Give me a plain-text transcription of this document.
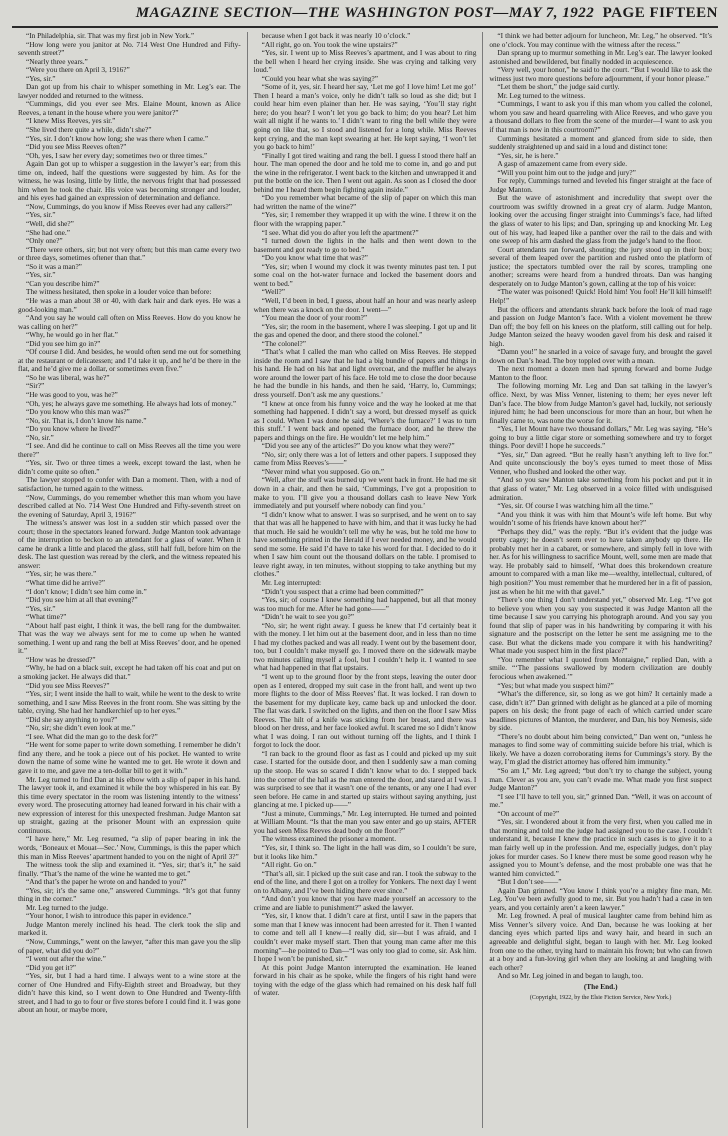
MAGAZINE SECTION—THE WASHINGTON POST—MAY 7, 1922 PAGE FIFTEEN

“In Philadelphia, sir. That was my first job in New York.”

“How long were you janitor at No. 714 West One Hundred and Fifty-seventh street?”

“Nearly three years.”

“Were you there on April 3, 1916?”

“Yes, sir.”

Dan got up from his chair to whisper something in Mr. Leg’s ear. The lawyer nodded and returned to the witness.

“Cummings, did you ever see Mrs. Elaine Mount, known as Alice Reeves, a tenant in the house where you were janitor?”

“I knew Miss Reeves, yes sir.”

“She lived there quite a while, didn’t she?”

“Yes, sir. I don’t know how long; she was there when I came.”

“Did you see Miss Reeves often?”

“Oh, yes, I saw her every day; sometimes two or three times.”

Again Dan got up to whisper a suggestion in the lawyer’s ear; from this time on, indeed, half the questions were suggested by him. As for the witness, he was losing, little by little, the nervous fright that had possessed him when he took the chair. His voice was becoming stronger and louder, and his eyes had gained an expression of determination and defiance.

“Now, Cummings, do you know if Miss Reeves ever had any callers?”

“Yes, sir.”

“Well, did she?”

“She had one.”

“Only one?”

“There were others, sir; but not very often; but this man came every two or three days, sometimes oftener than that.”

“So it was a man?”

“Yes, sir.”

“Can you describe him?”

The witness hesitated, then spoke in a louder voice than before:

“He was a man about 38 or 40, with dark hair and dark eyes. He was a good-looking man.”

“And you say he would call often on Miss Reeves. How do you know he was calling on her?”

“Why, he would go in her flat.”

“Did you see him go in?”

“Of course I did. And besides, he would often send me out for something at the restaurant or delicatessen; and I’d take it up, and he’d be there in the flat, and he’d give me a dollar, or sometimes even five.”

“So he was liberal, was he?”

“Sir?”

“He was good to you, was he?”

“Oh, yes; he always gave me something. He always had lots of money.”

“Do you know who this man was?”

“No, sir. That is, I don’t know his name.”

“Do you know where he lived?”

“No, sir.”

“I see. And did he continue to call on Miss Reeves all the time you were there?”

“Yes, sir. Two or three times a week, except toward the last, when he didn’t come quite so often.”

The lawyer stopped to confer with Dan a moment. Then, with a nod of satisfaction, he turned again to the witness.

“Now, Cummings, do you remember whether this man whom you have described called at No. 714 West One Hundred and Fifty-seventh street on the evening of Saturday, April 3, 1916?”

The witness’s answer was lost in a sudden stir which passed over the court; those in the spectators leaned forward. Judge Manton took advantage of the interruption to beckon to an attendant for a glass of water. When it came he drank a little and placed the glass, still half full, before him on the desk. The last question was reread by the clerk, and the witness repeated his answer:

“Yes, sir; he was there.”

“What time did he arrive?”

“I don’t know; I didn’t see him come in.”

“Did you see him at all that evening?”

“Yes, sir.”

“What time?”

“About half past eight, I think it was, the bell rang for the dumbwaiter. That was the way we always sent for me to come up when he wanted something. I went up and rang the bell at Miss Reeves’ door, and he opened it.”

“How was he dressed?”

“Why, he had on a black suit, except he had taken off his coat and put on a smoking jacket. He always did that.”

“Did you see Miss Reeves?”

“Yes, sir; I went inside the hall to wait, while he went to the desk to write something, and I saw Miss Reeves in the front room. She was sitting by the table, crying. She had her handkerchief up to her eyes.”

“Did she say anything to you?”

“No, sir; she didn’t even look at me.”

“I see. What did the man go to the desk for?”

“He went for some paper to write down something. I remember he didn’t find any there, and he took a piece out of his pocket. He wanted to write down the name of some wine he wanted me to get. He wrote it down and gave it to me, and gave me a ten-dollar bill to get it with.”

Mr. Leg turned to find Dan at his elbow with a slip of paper in his hand. The lawyer took it, and examined it while the boy whispered in his ear. By this time every spectator in the room was listening intently to the witness’ every word. The prosecuting attorney had leaned forward in his chair with a new expression of interest for this unexpected freshman. Judge Manton sat up straight, gazing at the prisoner Mount with an expression quite continuous.

“I have here,” Mr. Leg resumed, “a slip of paper bearing in ink the words, ‘Boneaux et Mouat—Sec.’ Now, Cummings, is this the paper which this man in Miss Reeves’ apartment handed to you on the night of April 3?”

The witness took the slip and examined it. “Yes, sir; that’s it,” he said finally. “That’s the name of the wine he wanted me to get.”

“And that’s the paper he wrote on and handed to you?”

“Yes, sir; it’s the same one,” answered Cummings. “It’s got that funny thing in the corner.”

Mr. Leg turned to the judge.

“Your honor, I wish to introduce this paper in evidence.”

Judge Manton merely inclined his head. The clerk took the slip and marked it.

“Now, Cummings,” went on the lawyer, “after this man gave you the slip of paper, what did you do?”

“I went out after the wine.”

“Did you get it?”

“Yes, sir, but I had a hard time. I always went to a wine store at the corner of One Hundred and Fifty-Eighth street and Broadway, but they didn’t have this kind, so I went down to One Hundred and Twenty-fifth street, and I had to go to four or five stores before I could find it. I was gone about an hour, or maybe more,

because when I got back it was nearly 10 o’clock.”

“All right, go on. You took the wine upstairs?”

“Yes, sir. I went up to Miss Reeves’s apartment, and I was about to ring the bell when I heard her crying inside. She was crying and talking very loud.”

“Could you hear what she was saying?”

“Some of it, yes, sir. I heard her say, ‘Let me go! I love him! Let me go!’ Then I heard a man’s voice, only he didn’t talk so loud as she did; but I could hear him even plainer than her. He was saying, ‘You’ll stay right here; do you hear? I won’t let you go back to him; do you hear? Let him wait all night if he wants to.’ I didn’t want to ring the bell while they were going on like that, so I stood and listened for a long while. Miss Reeves kept crying, and the man kept swearing at her. He kept saying, ‘I won’t let you go back to him!’

“Finally I got tired waiting and rang the bell. I guess I stood there half an hour. The man opened the door and he told me to come in, and go and put the wine in the refrigerator. I went back to the kitchen and unwrapped it and put the bottle on the ice. Then I went out again. As soon as I closed the door behind me I heard them begin fighting again inside.”

“Do you remember what became of the slip of paper on which this man had written the name of the wine?”

“Yes, sir; I remember they wrapped it up with the wine. I threw it on the floor with the wrapping paper.”

“I see. What did you do after you left the apartment?”

“I turned down the lights in the halls and then went down to the basement and got ready to go to bed.”

“Do you know what time that was?”

“Yes, sir; when I wound my clock it was twenty minutes past ten. I put some coal on the hot-water furnace and locked the basement doors and went to bed.”

“Well?”

“Well, I’d been in bed, I guess, about half an hour and was nearly asleep when there was a knock on the door. I went—”

“You mean the door of your room?”

“Yes, sir; the room in the basement, where I was sleeping. I got up and lit the gas and opened the door, and there stood the colonel.”

“The colonel?”

“That’s what I called the man who called on Miss Reeves. He stepped inside the room and I saw that he had a big bundle of papers and things in his hand. He had on his hat and light overcoat, and the muffler he always wore around the lower part of his face. He told me to close the door because he had the bundle in his hands, and then he said, ‘Harry, lo, Cummings; dress yourself. Don’t ask me any questions.’

“I knew at once from his funny voice and the way he looked at me that something had happened. I didn’t say a word, but dressed myself as quick as I could. When I was done he said, ‘Where’s the furnace?’ I was to turn this stuff.’ I went back and opened the furnace door, and he threw the papers and things on the fire. He wouldn’t let me help him.”

“Did you see any of the articles?” Do you know what they were?”

“No, sir; only there was a lot of letters and other papers. I supposed they came from Miss Reeves’s——”

“Never mind what you supposed. Go on.”

“Well, after the stuff was burned up we went back in front. He had me sit down in a chair, and then he said, ‘Cummings, I’ve got a proposition to make to you. I’ll give you a thousand dollars cash to leave New York immediately and put yourself where nobody can find you.’

“I didn’t know what to answer. I was so surprised, and he went on to say that that was all he happened to have with him, and that it was lucky he had that much. He said he wouldn’t tell me why he was, but he told me how to have something printed in the Herald if I ever needed money, and he would send me some. He said I’d have to take his word for that. I decided to do it when I saw him count out the thousand dollars on the table. I promised to leave right away, in ten minutes, without stopping to take anything but my clothes.”

Mr. Leg interrupted:

“Didn’t you suspect that a crime had been committed?”

“Yes, sir; of course I knew something had happened, but all that money was too much for me. After he had gone——”

“Didn’t he wait to see you go?”

“No, sir; he went right away. I guess he knew that I’d certainly beat it with the money. I let him out at the basement door, and in less than no time I had my clothes packed and was all ready. I went out by the basement door, too, but I couldn’t make myself go. I moved there on the sidewalk maybe two minutes calling myself a fool, but I couldn’t help it. I wanted to see what had happened in that flat upstairs.

“I went up to the ground floor by the front steps, leaving the outer door open as I entered, dropped my suit case in the front hall, and went up two more flights to the door of Miss Reeves’ flat. It was locked. I ran down to the basement for my duplicate key, came back up and unlocked the door. The flat was dark. I switched on the lights, and then on the floor I saw Miss Reeves. The hilt of a knife was sticking from her breast, and there was blood on her dress, and her face looked awful. It scared me so I didn’t know what I was doing. I ran out without turning off the lights, and I think I forgot to lock the door.

“I ran back to the ground floor as fast as I could and picked up my suit case. I started for the outside door, and then I suddenly saw a man coming up the stoop. He was so scared I didn’t know what to do. I stepped back into the corner of the hall as the man entered the door, and stared at I was. I was surprised to see that it wasn’t one of the tenants, or any one I had ever seen before. He came in and started up stairs without saying anything, just glancing at me. I picked up——”

“Just a minute, Cummings,” Mr. Leg interrupted. He turned and pointed at William Mount. “Is that the man you saw enter and go up stairs, AFTER you had seen Miss Reeves dead body on the floor?”

The witness examined the prisoner a moment.

“Yes, sir, I think so. The light in the hall was dim, so I couldn’t be sure, but it looks like him.”

“All right. Go on.”

“That’s all, sir. I picked up the suit case and ran. I took the subway to the end of the line, and there I got on a trolley for Yonkers. The next day I went on to Albany, and I’ve been hiding there ever since.”

“And don’t you know that you have made yourself an accessory to the crime and are liable to punishment?” asked the lawyer.

“Yes, sir, I know that. I didn’t care at first, until I saw in the papers that some man that I knew was innocent had been arrested for it. Then I wanted to come and tell all I knew—I really did, sir—but I was afraid, and I couldn’t ever make myself start. Then that young man came after me this morning”—he pointed to Dan—“I was only too glad to come, sir. Ask him. I hope I won’t be punished, sir.”

At this point Judge Manton interrupted the examination. He leaned forward in his chair as he spoke, while the fingers of his right hand were toying with the edge of the glass which had remained on his desk half full of water.

“I think we had better adjourn for luncheon, Mr. Leg,” he observed. “It’s one o’clock. You may continue with the witness after the recess.”

Dan sprang up to murmur something in Mr. Leg’s ear. The lawyer looked astonished and bewildered, but finally nodded in acquiescence.

“Very well, your honor,” he said to the court. “But I would like to ask the witness just two more questions before adjournment, if your honor please.”

“Let them be short,” the judge said curtly.

Mr. Leg turned to the witness.

“Cummings, I want to ask you if this man whom you called the colonel, whom you saw and heard quarreling with Alice Reeves, and who gave you a thousand dollars to flee from the scene of the murder—I want to ask you if that man is now in this courtroom?”

Cummings hesitated a moment and glanced from side to side, then suddenly straightened up and said in a loud and distinct tone:

“Yes, sir, he is here.”

A gasp of amazement came from every side.

“Will you point him out to the judge and jury?”

For reply, Cummings turned and leveled his finger straight at the face of Judge Manton.

But the wave of astonishment and incredulity that swept over the courtroom was swiftly drowned in a great cry of alarm. Judge Manton, looking over the accusing finger straight into Cummings’s face, had lifted the glass of water to his lips; and Dan, springing up and knocking Mr. Leg out of his way, had leaped like a panther over the rail to the dais and with one sweep of his arm dashed the glass from the judge’s hand to the floor.

Court attendants ran forward, shouting; the jury stood up in their box; several of them leaped over the partition and rushed onto the platform of justice; the spectators tumbled over the rail by scores, trampling one another; screams were heard from a hundred throats. Dan was hanging desperately on to Judge Manton’s gown, calling at the top of his voice:

“The water was poisoned! Quick! Hold him! You fool! He’ll kill himself! Help!”

But the officers and attendants shrank back before the look of mad rage and passion on Judge Manton’s face. With a violent movement he threw Dan off; the boy fell on his knees on the platform, still calling out for help. Judge Manton seized the heavy wooden gavel from his desk and raised it high.

“Damn you!” he snarled in a voice of savage fury, and brought the gavel down on Dan’s head. The boy toppled over with a moan.

The next moment a dozen men had sprung forward and borne Judge Manton to the floor.

The following morning Mr. Leg and Dan sat talking in the lawyer’s office. Next, by was Miss Venner, listening to them; her eyes never left Dan’s face. The blow from Judge Manton’s gavel had, luckily, not seriously injured him; he had been unconscious for more than an hour, but when he finally came to, was none the worse for it.

“Yes, I let Mount have two thousand dollars,” Mr. Leg was saying. “He’s going to buy a little cigar store or something somewhere and try to forget things. Poor devil! I hope he succeeds.”

“Yes, sir,” Dan agreed. “But he really hasn’t anything left to live for.” And quite unconsciously the boy’s eyes turned to meet those of Miss Venner, who flushed and looked the other way.

“And so you saw Manton take something from his pocket and put it in that glass of water,” Mr. Leg observed in a voice filled with undisguised admiration.

“Yes, sir. Of course I was watching him all the time.”

“And you think it was with him that Mount’s wife left home. But why wouldn’t some of his friends have known about her?”

“Perhaps they did,” was the reply. “But it’s evident that the judge was pretty cagey; he doesn’t seem ever to have taken anybody up there. He probably met her in a cabaret, or somewhere, and simply fell in love with her. As for his willingness to sacrifice Mount, well, some men are made that way. He probably said to himself, ‘What does this brokendown creature amount to compared with a man like me—wealthy, intellectual, cultured, of high position?’ You must remember that he murdered her in a fit of passion, just as when he hit me with that gavel.”

“There’s one thing I don’t understand yet,” observed Mr. Leg. “I’ve got to believe you when you say you suspected it was Judge Manton all the time because I saw you carrying his photograph around. And you say you found that slip of paper was in his handwriting by comparing it with his signature and the postscript on the letter he sent me assigning me to the case. But what the dickens made you compare it with his handwriting? What made you suspect him in the first place?”

“You remember what I quoted from Montaigne,” replied Dan, with a smile. “‘The passions swallowed by modern civilization are doubly ferocious when awakened.’”

“Yes; but what made you suspect him?”

“What’s the difference, sir, so long as we got him? It certainly made a case, didn’t it?” Dan grinned with delight as he glanced at a pile of morning papers on his desk; the front page of each of which carried under scare headlines pictures of Manton, the murderer, and Dan, his boy Nemesis, side by side.

“There’s no doubt about him being convicted,” Dan went on, “unless he manages to find some way of committing suicide before his trial, which is likely. We have a dozen corroborating items for Cummings’s story. By the way, I’m glad the district attorney has offered him immunity.”

“So am I,” Mr. Leg agreed; “but don’t try to change the subject, young man. Clever as you are, you can’t evade me. What made you first suspect Judge Manton?”

“I see I’ll have to tell you, sir,” grinned Dan. “Well, it was on account of me.”

“On account of me?”

“Yes, sir. I wondered about it from the very first, when you called me in that morning and told me the judge had assigned you to the case. I couldn’t understand it, because I knew the practice in such cases is to give it to a man fairly well up in the profession. And me, especially judges, don’t play jokes for murder cases. So I knew there must be some good reason why he assigned you to Mount’s defense, and the most probable one was that he wanted him convicted.”

“But I don’t see——”

Again Dan grinned. “You know I think you’re a mighty fine man, Mr. Leg. You’ve been awfully good to me, sir. But you hadn’t had a case in ten years, and you certainly aren’t a keen lawyer.”

Mr. Leg frowned. A peal of musical laughter came from behind him as Miss Venner’s silvery voice. And Dan, because he was looking at her dancing eyes which parted lips and wavy hair, and heard in such an agreeable and delightful sight, began to laugh with her. Mr. Leg looked from one to the other, trying hard to maintain his frown; but who can frown at a boy and a fun-loving girl when they are looking at and laughing with each other?

And so Mr. Leg joined in and began to laugh, too.

(The End.)
(Copyright, 1922, by the Elsie Fiction Service, New York.)
